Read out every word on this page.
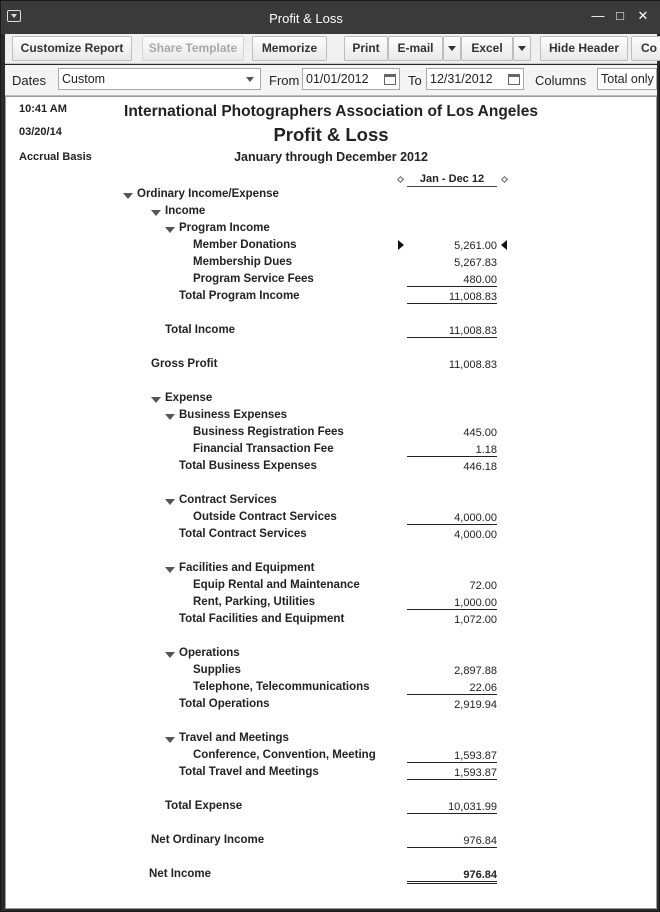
Profit & Loss	— □	✕
Customize Report	Share Template	Memorize	Print	E-mail	Excel	Hide Header	Co
Dates	Custom	From 01/01/2012	To 12/31/2012	Columns	Total only
10:41 AM
03/20/14
Accrual Basis
International Photographers Association of Los Angeles
Profit & Loss
January through December 2012
Jan - Dec 12
Ordinary Income/Expense
Income
Program Income
Member Donations	5,261.00
Membership Dues	5,267.83
Program Service Fees	480.00
Total Program Income	11,008.83
Total Income	11,008.83
Gross Profit	11,008.83
Expense
Business Expenses
Business Registration Fees	445.00
Financial Transaction Fee	1.18
Total Business Expenses	446.18
Contract Services
Outside Contract Services	4,000.00
Total Contract Services	4,000.00
Facilities and Equipment
Equip Rental and Maintenance	72.00
Rent, Parking, Utilities	1,000.00
Total Facilities and Equipment	1,072.00
Operations
Supplies	2,897.88
Telephone, Telecommunications	22.06
Total Operations	2,919.94
Travel and Meetings
Conference, Convention, Meeting	1,593.87
Total Travel and Meetings	1,593.87
Total Expense	10,031.99
Net Ordinary Income	976.84
Net Income	976.84
